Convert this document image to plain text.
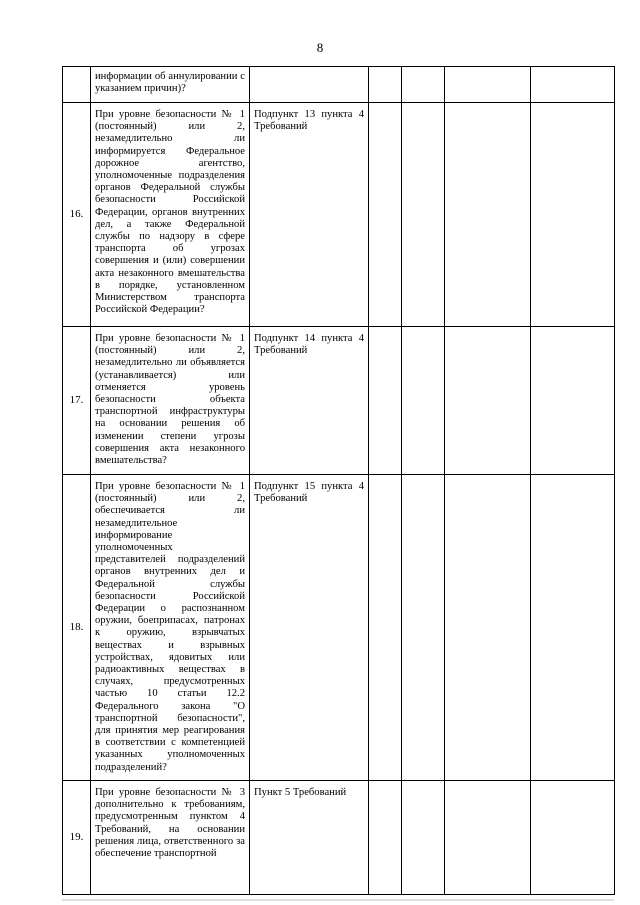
8

	информации об аннулировании с указанием причин)?					

16.	При уровне безопасности № 1 (постоянный) или 2, незамедлительно ли информируется Федеральное дорожное агентство, уполномоченные подразделения органов Федеральной службы безопасности Российской Федерации, органов внутренних дел, а также Федеральной службы по надзору в сфере транспорта об угрозах совершения и (или) совершении акта незаконного вмешательства в порядке, установленном Министерством транспорта Российской Федерации?	Подпункт 13 пункта 4 Требований				

17.	При уровне безопасности № 1 (постоянный) или 2, незамедлительно ли объявляется (устанавливается) или отменяется уровень безопасности объекта транспортной инфраструктуры на основании решения об изменении степени угрозы совершения акта незаконного вмешательства?	Подпункт 14 пункта 4 Требований				

18.	При уровне безопасности № 1 (постоянный) или 2, обеспечивается ли незамедлительное информирование уполномоченных представителей подразделений органов внутренних дел и Федеральной службы безопасности Российской Федерации о распознанном оружии, боеприпасах, патронах к оружию, взрывчатых веществах и взрывных устройствах, ядовитых или радиоактивных веществах в случаях, предусмотренных частью 10 статьи 12.2 Федерального закона "О транспортной безопасности", для принятия мер реагирования в соответствии с компетенцией указанных уполномоченных подразделений?	Подпункт 15 пункта 4 Требований				

19.	При уровне безопасности № 3 дополнительно к требованиям, предусмотренным пунктом 4 Требований, на основании решения лица, ответственного за обеспечение транспортной	Пункт 5 Требований				
